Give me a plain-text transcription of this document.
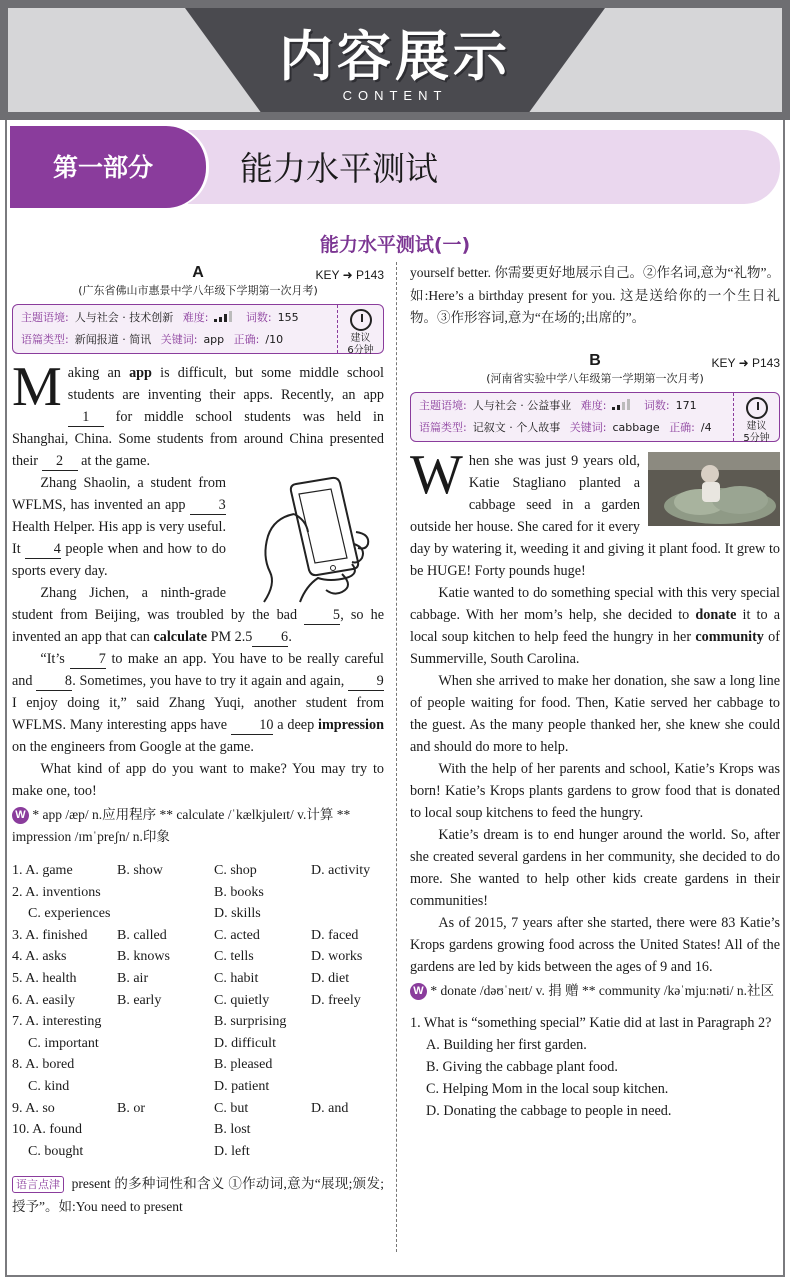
内容展示
CONTENT
第一部分	能力水平测试
能力水平测试(一)
A	KEY ➜ P143
(广东省佛山市惠景中学八年级下学期第一次月考)
主题语境: 人与社会 · 技术创新 难度:	词数: 155
语篇类型: 新闻报道 · 简讯 关键词: app 正确: /10	建议
6分钟
Making an app is difficult, but some middle school students are inventing their apps. Recently, an app 1 for middle school students was held in Shanghai, China. Some students from around China presented their 2 at the game.
Zhang Shaolin, a student from WFLMS, has invented an app 3 Health Helper. His app is very useful. It 4 people when and how to do sports every day.
Zhang Jichen, a ninth-grade student from Beijing, was troubled by the bad 5, so he invented an app that can calculate PM 2.5 6.
“It’s 7 to make an app. You have to be really careful and 8. Sometimes, you have to try it again and again, 9 I enjoy doing it,” said Zhang Yuqi, another student from WFLMS. Many interesting apps have 10 a deep impression on the engineers from Google at the game.
What kind of app do you want to make? You may try to make one, too!
W * app /æp/ n.应用程序 ** calculate /ˈkælkjuleɪt/ v.计算 ** impression /ɪmˈpreʃn/ n.印象
1. A. game	B. show	C. shop	D. activity
2. A. inventions	B. books
C. experiences	D. skills
3. A. finished	B. called	C. acted	D. faced
4. A. asks	B. knows	C. tells	D. works
5. A. health	B. air	C. habit	D. diet
6. A. easily	B. early	C. quietly	D. freely
7. A. interesting	B. surprising
C. important	D. difficult
8. A. bored	B. pleased
C. kind	D. patient
9. A. so	B. or	C. but	D. and
10. A. found	B. lost
C. bought	D. left
语言点津 present 的多种词性和含义 ①作动词,意为“展现;颁发;授予”。如:You need to present
yourself better. 你需要更好地展示自己。②作名词,意为“礼物”。如:Here’s a birthday present for you. 这是送给你的一个生日礼物。③作形容词,意为“在场的;出席的”。
B	KEY ➜ P143
(河南省实验中学八年级第一学期第一次月考)
主题语境: 人与社会 · 公益事业 难度:	词数: 171
语篇类型: 记叙文 · 个人故事 关键词: cabbage 正确: /4	建议
5分钟
When she was just 9 years old, Katie Stagliano planted a cabbage seed in a garden outside her house. She cared for it every day by watering it, weeding it and giving it plant food. It grew to be HUGE! Forty pounds huge!
Katie wanted to do something special with this very special cabbage. With her mom’s help, she decided to donate it to a local soup kitchen to help feed the hungry in her community of Summerville, South Carolina.
When she arrived to make her donation, she saw a long line of people waiting for food. Then, Katie served her cabbage to the guest. As the many people thanked her, she knew she could and should do more to help.
With the help of her parents and school, Katie’s Krops was born! Katie’s Krops plants gardens to grow food that is donated to local soup kitchens to feed the hungry.
Katie’s dream is to end hunger around the world. So, after she created several gardens in her community, she decided to do more. She wanted to help other kids create gardens in their communities!
As of 2015, 7 years after she started, there were 83 Katie’s Krops gardens growing food across the United States! All of the gardens are led by kids between the ages of 9 and 16.
W * donate /dəʊˈneɪt/ v. 捐 赠 ** community /kəˈmjuːnəti/ n.社区
1. What is “something special” Katie did at last in Paragraph 2?
A. Building her first garden.
B. Giving the cabbage plant food.
C. Helping Mom in the local soup kitchen.
D. Donating the cabbage to people in need.
